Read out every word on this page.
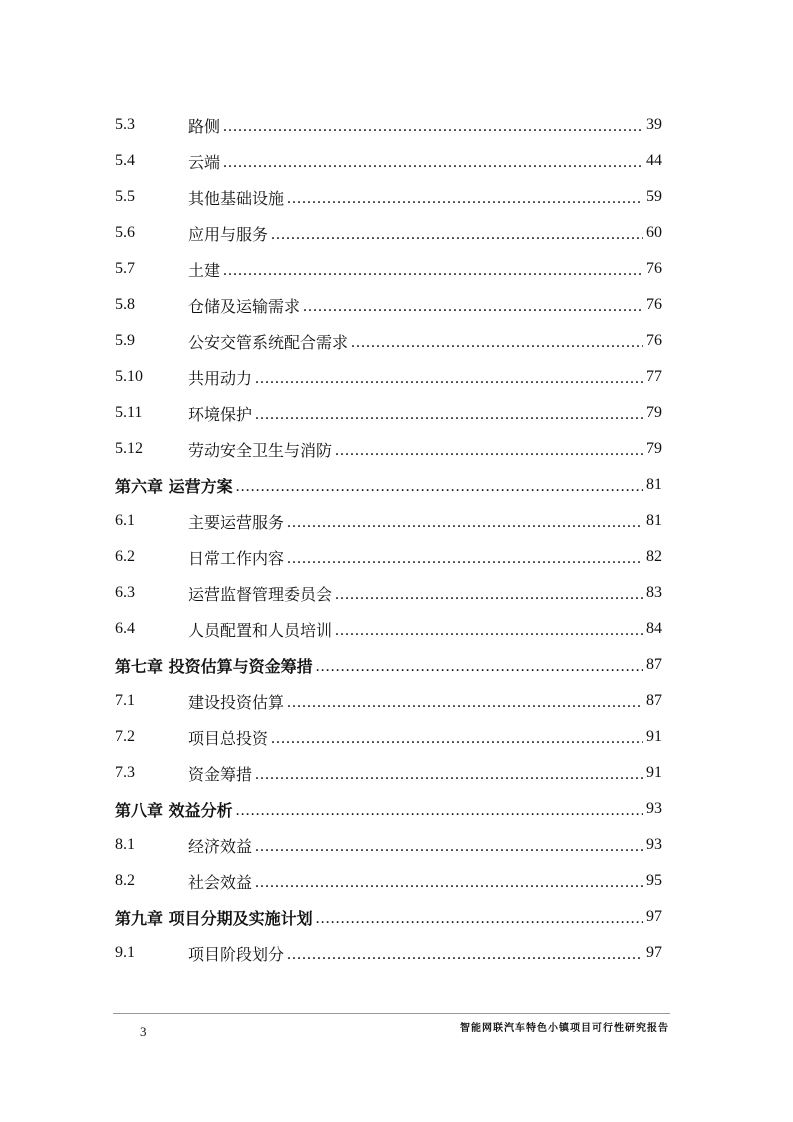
5.3	路侧 .....	39
5.4	云端 .....	44
5.5	其他基础设施 .....	59
5.6	应用与服务 .....	60
5.7	土建 .....	76
5.8	仓储及运输需求 .....	76
5.9	公安交管系统配合需求 .....	76
5.10	共用动力 .....	77
5.11	环境保护 .....	79
5.12	劳动安全卫生与消防 .....	79
第六章 运营方案 .....	81
6.1	主要运营服务 .....	81
6.2	日常工作内容 .....	82
6.3	运营监督管理委员会 .....	83
6.4	人员配置和人员培训 .....	84
第七章 投资估算与资金筹措 .....	87
7.1	建设投资估算 .....	87
7.2	项目总投资 .....	91
7.3	资金筹措 .....	91
第八章 效益分析 .....	93
8.1	经济效益 .....	93
8.2	社会效益 .....	95
第九章 项目分期及实施计划 .....	97
9.1	项目阶段划分 .....	97
3	智能网联汽车特色小镇项目可行性研究报告
